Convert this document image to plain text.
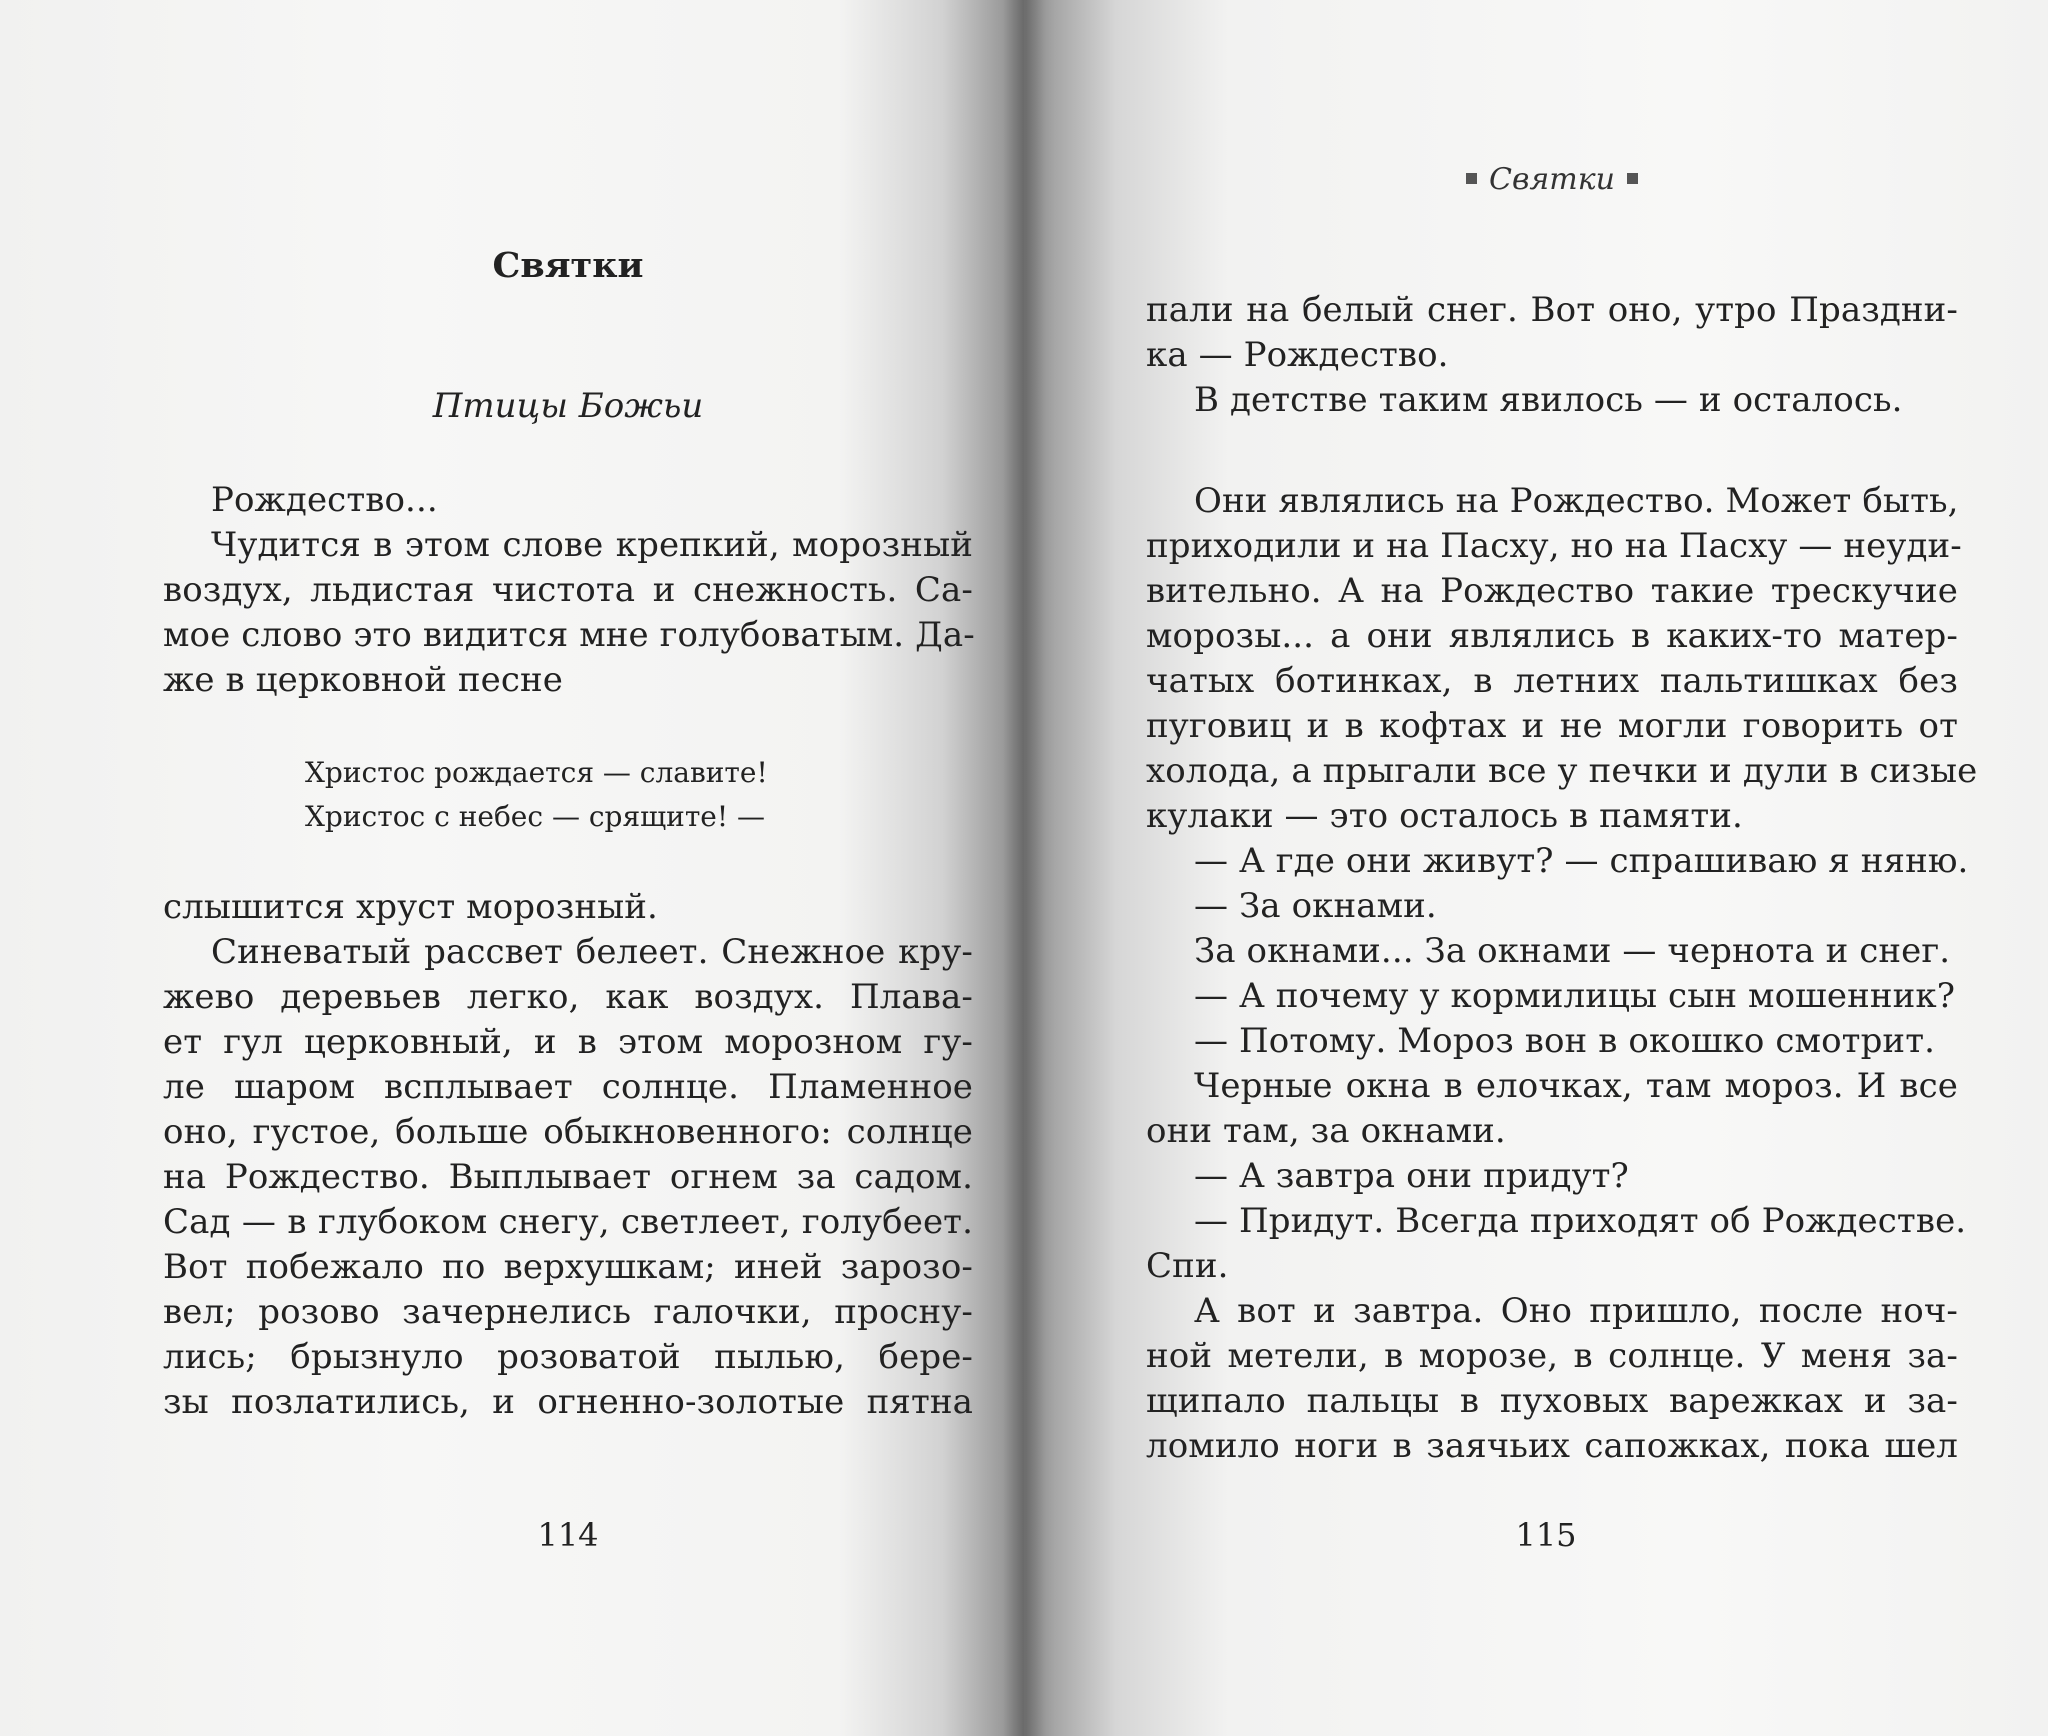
Святки
Птицы Божьи
Рождество...
Чудится в этом слове крепкий, морозный
воздух, льдистая чистота и снежность. Са-
мое слово это видится мне голубоватым. Да-
же в церковной песне
Христос рождается — славите!
Христос с небес — срящите! —
слышится хруст морозный.
Синеватый рассвет белеет. Снежное кру-
жево деревьев легко, как воздух. Плава-
ет гул церковный, и в этом морозном гу-
ле шаром всплывает солнце. Пламенное
оно, густое, больше обыкновенного: солнце
на Рождество. Выплывает огнем за садом.
Сад — в глубоком снегу, светлеет, голубеет.
Вот побежало по верхушкам; иней зарозо-
вел; розово зачернелись галочки, просну-
лись; брызнуло розоватой пылью, бере-
зы позлатились, и огненно-золотые пятна
114
Святки
пали на белый снег. Вот оно, утро Праздни-
ка — Рождество.
В детстве таким явилось — и осталось.
Они являлись на Рождество. Может быть,
приходили и на Пасху, но на Пасху — неуди-
вительно. А на Рождество такие трескучие
морозы... а они являлись в каких-то матер-
чатых ботинках, в летних пальтишках без
пуговиц и в кофтах и не могли говорить от
холода, а прыгали все у печки и дули в сизые
кулаки — это осталось в памяти.
— А где они живут? — спрашиваю я няню.
— За окнами.
За окнами... За окнами — чернота и снег.
— А почему у кормилицы сын мошенник?
— Потому. Мороз вон в окошко смотрит.
Черные окна в елочках, там мороз. И все
они там, за окнами.
— А завтра они придут?
— Придут. Всегда приходят об Рождестве.
Спи.
А вот и завтра. Оно пришло, после ноч-
ной метели, в морозе, в солнце. У меня за-
щипало пальцы в пуховых варежках и за-
ломило ноги в заячьих сапожках, пока шел
115
